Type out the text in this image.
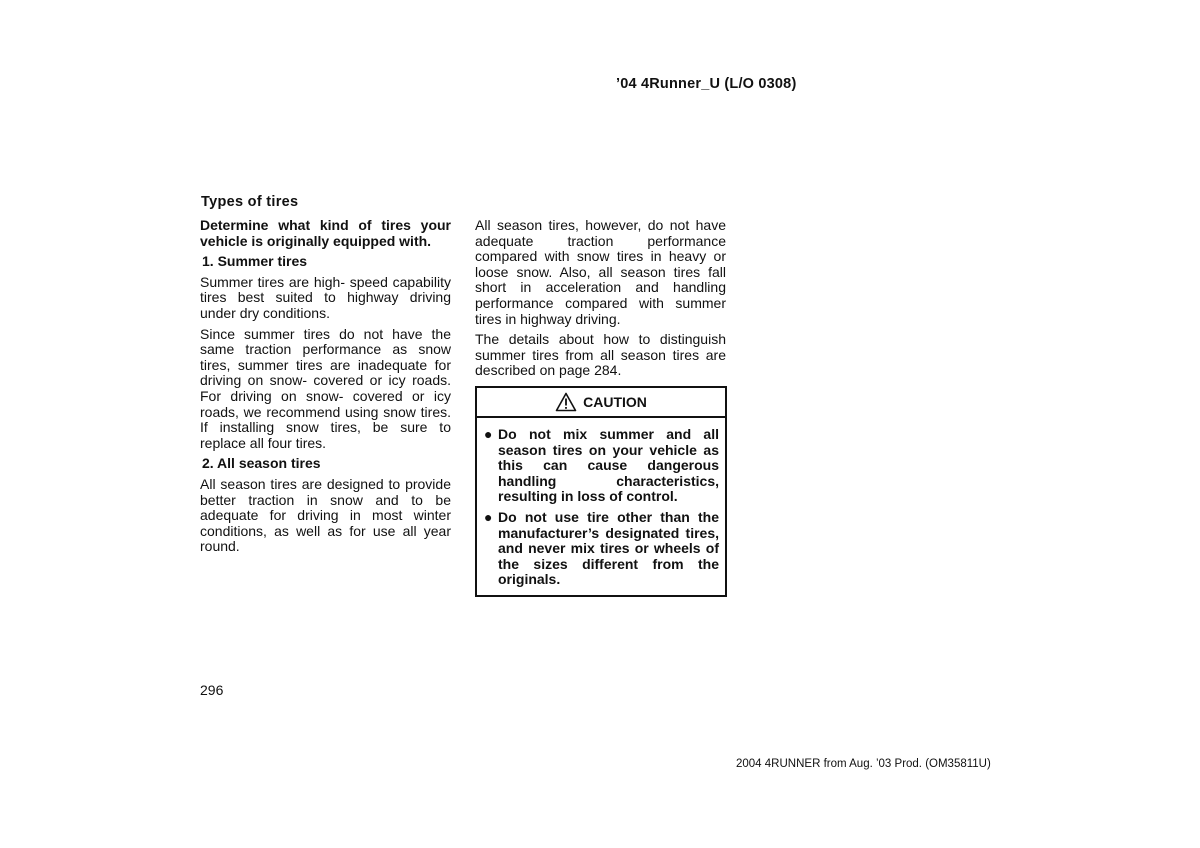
’04 4Runner_U (L/O 0308)
Types of tires
Determine what kind of tires your vehicle is originally equipped with.
1. Summer tires

Summer tires are high- speed capability tires best suited to highway driving under dry conditions.

Since summer tires do not have the same traction performance as snow tires, summer tires are inadequate for driving on snow- covered or icy roads. For driving on snow- covered or icy roads, we recommend using snow tires. If installing snow tires, be sure to replace all four tires.

2. All season tires

All season tires are designed to provide better traction in snow and to be adequate for driving in most winter conditions, as well as for use all year round.

All season tires, however, do not have adequate traction performance compared with snow tires in heavy or loose snow. Also, all season tires fall short in acceleration and handling performance compared with summer tires in highway driving.

The details about how to distinguish summer tires from all season tires are described on page 284.

CAUTION
● Do not mix summer and all season tires on your vehicle as this can cause dangerous handling characteristics, resulting in loss of control.
● Do not use tire other than the manufacturer’s designated tires, and never mix tires or wheels of the sizes different from the originals.
296
2004 4RUNNER from Aug. ’03 Prod. (OM35811U)
